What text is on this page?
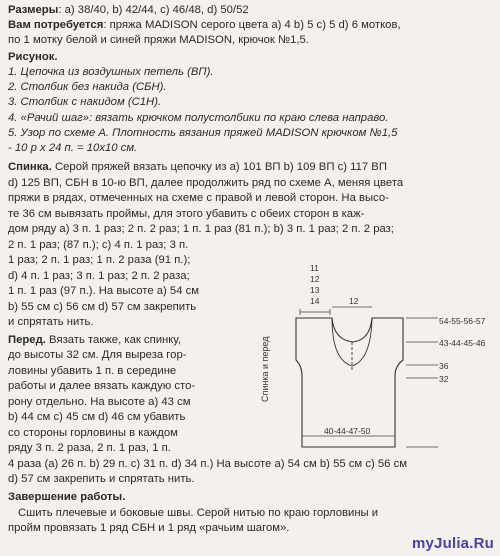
Размеры: a) 38/40, b) 42/44, c) 46/48, d) 50/52
Вам потребуется: пряжа MADISON серого цвета a) 4 b) 5 c) 5 d) 6 мотков,
по 1 мотку белой и синей пряжи MADISON, крючок №1,5.
Рисунок.
1. Цепочка из воздушных петель (ВП).
2. Столбик без накида (СБН).
3. Столбик с накидом (С1Н).
4. «Рачий шаг»: вязать крючком полустолбики по краю слева направо.
5. Узор по схеме А. Плотность вязания пряжей MADISON крючком №1,5
- 10 р х 24 п. = 10х10 см.
Спинка. Серой пряжей вязать цепочку из a) 101 ВП b) 109 ВП c) 117 ВП
d) 125 ВП, СБН в 10-ю ВП, далее продолжить ряд по схеме А, меняя цвета
пряжи в рядах, отмеченных на схеме с правой и левой сторон. На высо-
те 36 см вывязать проймы, для этого убавить с обеих сторон в каж-
дом ряду a) 3 п. 1 раз; 2 п. 2 раз; 1 п. 1 раз (81 п.); b) 3 п. 1 раз; 2 п. 2 раз;
2 п. 1 раз; (87 п.); c) 4 п. 1 раз; 3 п.
1 раз; 2 п. 1 раз; 1 п. 2 раза (91 п.);
d) 4 п. 1 раз; 3 п. 1 раз; 2 п. 2 раза;
1 п. 1 раз (97 п.). На высоте a) 54 см
b) 55 см c) 56 см d) 57 см закрепить
и спрятать нить.
Перед. Вязать также, как спинку,
до высоты 32 см. Для выреза гор-
ловины убавить 1 п. в середине
работы и далее вязать каждую сто-
рону отдельно. На высоте a) 43 см
b) 44 см c) 45 см d) 46 см убавить
со стороны горловины в каждом
ряду 3 п. 2 раза, 2 п. 1 раз, 1 п.
4 раза (a) 26 п. b) 29 п. c) 31 п. d) 34 п.) На высоте a) 54 см b) 55 см c) 56 см
d) 57 см закрепить и спрятать нить.
Завершение работы.
Сшить плечевые и боковые швы. Серой нитью по краю горловины и
пройм провязать 1 ряд СБН и 1 ряд «рачьим шагом».
11
12
13
14	12
54-55-56-57
43-44-45-46
36
32
40-44-47-50
Спинка и перед
myJulia.Ru
